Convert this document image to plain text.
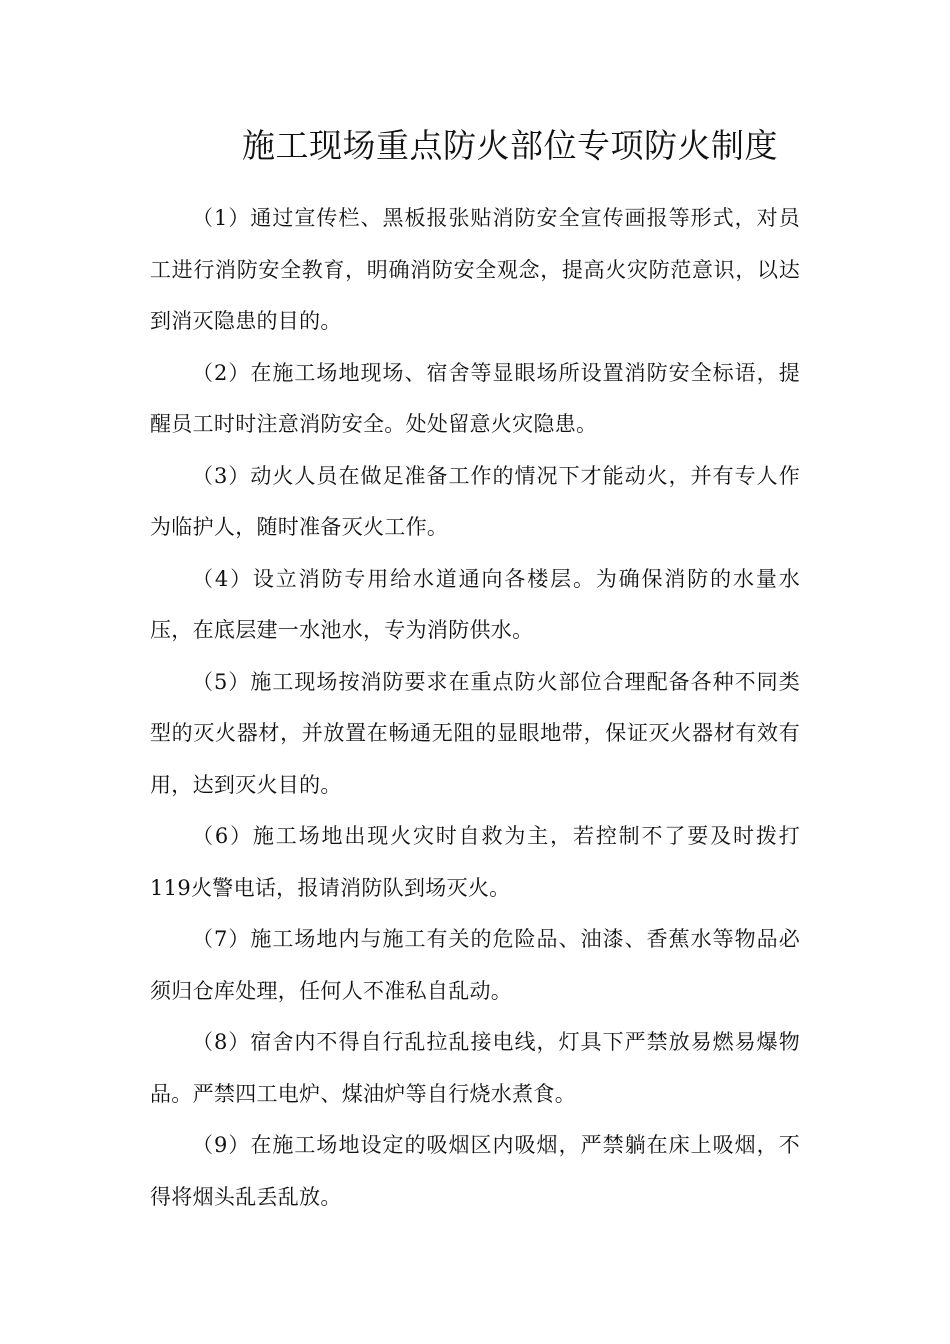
施工现场重点防火部位专项防火制度

（1）通过宣传栏、黑板报张贴消防安全宣传画报等形式，对员工进行消防安全教育，明确消防安全观念，提高火灾防范意识，以达到消灭隐患的目的。

（2）在施工场地现场、宿舍等显眼场所设置消防安全标语，提醒员工时时注意消防安全。处处留意火灾隐患。

（3）动火人员在做足准备工作的情况下才能动火，并有专人作为临护人，随时准备灭火工作。

（4）设立消防专用给水道通向各楼层。为确保消防的水量水压，在底层建一水池水，专为消防供水。

（5）施工现场按消防要求在重点防火部位合理配备各种不同类型的灭火器材，并放置在畅通无阻的显眼地带，保证灭火器材有效有用，达到灭火目的。

（6）施工场地出现火灾时自救为主，若控制不了要及时拨打119火警电话，报请消防队到场灭火。

（7）施工场地内与施工有关的危险品、油漆、香蕉水等物品必须归仓库处理，任何人不准私自乱动。

（8）宿舍内不得自行乱拉乱接电线，灯具下严禁放易燃易爆物品。严禁四工电炉、煤油炉等自行烧水煮食。

（9）在施工场地设定的吸烟区内吸烟，严禁躺在床上吸烟，不得将烟头乱丢乱放。
